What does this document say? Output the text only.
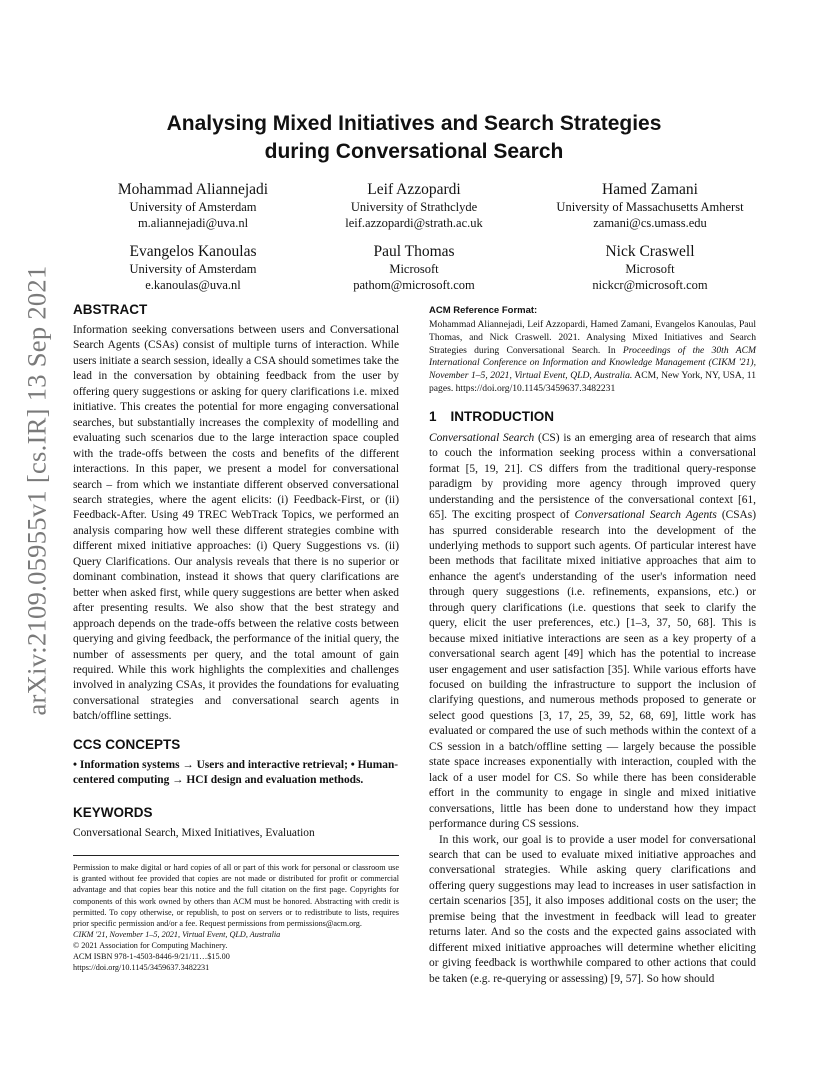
arXiv:2109.05955v1 [cs.IR] 13 Sep 2021
Analysing Mixed Initiatives and Search Strategies
during Conversational Search
Mohammad Aliannejadi
University of Amsterdam
m.aliannejadi@uva.nl
Leif Azzopardi
University of Strathclyde
leif.azzopardi@strath.ac.uk
Hamed Zamani
University of Massachusetts Amherst
zamani@cs.umass.edu
Evangelos Kanoulas
University of Amsterdam
e.kanoulas@uva.nl
Paul Thomas
Microsoft
pathom@microsoft.com
Nick Craswell
Microsoft
nickcr@microsoft.com
ABSTRACT

Information seeking conversations between users and Conversational Search Agents (CSAs) consist of multiple turns of interaction. While users initiate a search session, ideally a CSA should sometimes take the lead in the conversation by obtaining feedback from the user by offering query suggestions or asking for query clarifications i.e. mixed initiative. This creates the potential for more engaging conversational searches, but substantially increases the complexity of modelling and evaluating such scenarios due to the large interaction space coupled with the trade-offs between the costs and benefits of the different interactions. In this paper, we present a model for conversational search – from which we instantiate different observed conversational search strategies, where the agent elicits: (i) Feedback-First, or (ii) Feedback-After. Using 49 TREC WebTrack Topics, we performed an analysis comparing how well these different strategies combine with different mixed initiative approaches: (i) Query Suggestions vs. (ii) Query Clarifications. Our analysis reveals that there is no superior or dominant combination, instead it shows that query clarifications are better when asked first, while query suggestions are better when asked after presenting results. We also show that the best strategy and approach depends on the trade-offs between the relative costs between querying and giving feedback, the performance of the initial query, the number of assessments per query, and the total amount of gain required. While this work highlights the complexities and challenges involved in analyzing CSAs, it provides the foundations for evaluating conversational strategies and conversational search agents in batch/offline settings.

CCS CONCEPTS

• Information systems → Users and interactive retrieval; • Human-centered computing → HCI design and evaluation methods.

KEYWORDS

Conversational Search, Mixed Initiatives, Evaluation

Permission to make digital or hard copies of all or part of this work for personal or classroom use is granted without fee provided that copies are not made or distributed for profit or commercial advantage and that copies bear this notice and the full citation on the first page. Copyrights for components of this work owned by others than ACM must be honored. Abstracting with credit is permitted. To copy otherwise, or republish, to post on servers or to redistribute to lists, requires prior specific permission and/or a fee. Request permissions from permissions@acm.org.

CIKM '21, November 1–5, 2021, Virtual Event, QLD, Australia

© 2021 Association for Computing Machinery.

ACM ISBN 978-1-4503-8446-9/21/11…$15.00

https://doi.org/10.1145/3459637.3482231

ACM Reference Format:

Mohammad Aliannejadi, Leif Azzopardi, Hamed Zamani, Evangelos Kanoulas, Paul Thomas, and Nick Craswell. 2021. Analysing Mixed Initiatives and Search Strategies during Conversational Search. In Proceedings of the 30th ACM International Conference on Information and Knowledge Management (CIKM '21), November 1–5, 2021, Virtual Event, QLD, Australia. ACM, New York, NY, USA, 11 pages. https://doi.org/10.1145/3459637.3482231

1 INTRODUCTION

Conversational Search (CS) is an emerging area of research that aims to couch the information seeking process within a conversational format [5, 19, 21]. CS differs from the traditional query-response paradigm by providing more agency through improved query understanding and the persistence of the conversational context [61, 65]. The exciting prospect of Conversational Search Agents (CSAs) has spurred considerable research into the development of the underlying methods to support such agents. Of particular interest have been methods that facilitate mixed initiative approaches that aim to enhance the agent's understanding of the user's information need through query suggestions (i.e. refinements, expansions, etc.) or through query clarifications (i.e. questions that seek to clarify the query, elicit the user preferences, etc.) [1–3, 37, 50, 68]. This is because mixed initiative interactions are seen as a key property of a conversational search agent [49] which has the potential to increase user engagement and user satisfaction [35]. While various efforts have focused on building the infrastructure to support the inclusion of clarifying questions, and numerous methods proposed to generate or select good questions [3, 17, 25, 39, 52, 68, 69], little work has evaluated or compared the use of such methods within the context of a CS session in a batch/offline setting — largely because the possible state space increases exponentially with interaction, coupled with the lack of a user model for CS. So while there has been considerable effort in the community to engage in single and mixed initiative conversations, little has been done to understand how they impact performance during CS sessions.

In this work, our goal is to provide a user model for conversational search that can be used to evaluate mixed initiative approaches and conversational strategies. While asking query clarifications and offering query suggestions may lead to increases in user satisfaction in certain scenarios [35], it also imposes additional costs on the user; the premise being that the investment in feedback will lead to greater returns later. And so the costs and the expected gains associated with different mixed initiative approaches will determine whether eliciting or giving feedback is worthwhile compared to other actions that could be taken (e.g. re-querying or assessing) [9, 57]. So how should
